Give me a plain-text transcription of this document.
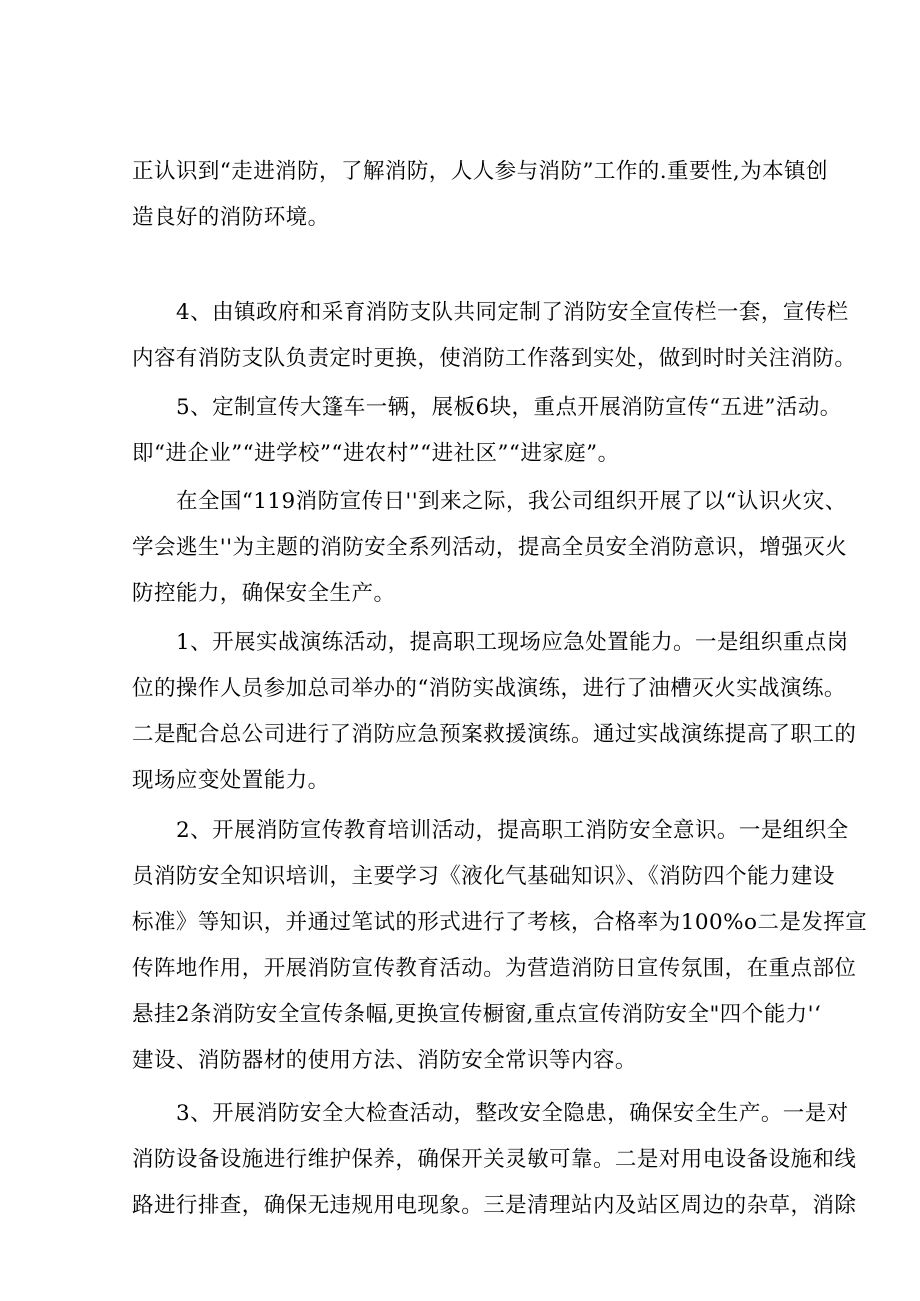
正认识到“走进消防，了解消防，人人参与消防”工作的.重要性,为本镇创
造良好的消防环境。
4、由镇政府和采育消防支队共同定制了消防安全宣传栏一套，宣传栏
内容有消防支队负责定时更换，使消防工作落到实处，做到时时关注消防。
5、定制宣传大篷车一辆，展板6块，重点开展消防宣传“五进”活动。
即“进企业”“进学校”“进农村”“进社区”“进家庭”。
在全国“119消防宣传日''到来之际，我公司组织开展了以“认识火灾、
学会逃生''为主题的消防安全系列活动，提高全员安全消防意识，增强灭火
防控能力，确保安全生产。
1、开展实战演练活动，提高职工现场应急处置能力。一是组织重点岗
位的操作人员参加总司举办的“消防实战演练，进行了油槽灭火实战演练。
二是配合总公司进行了消防应急预案救援演练。通过实战演练提高了职工的
现场应变处置能力。
2、开展消防宣传教育培训活动，提高职工消防安全意识。一是组织全
员消防安全知识培训，主要学习《液化气基础知识》、《消防四个能力建设
标准》等知识，并通过笔试的形式进行了考核，合格率为100%o二是发挥宣
传阵地作用，开展消防宣传教育活动。为营造消防日宣传氛围，在重点部位
悬挂2条消防安全宣传条幅,更换宣传橱窗,重点宣传消防安全"四个能力'‘
建设、消防器材的使用方法、消防安全常识等内容。
3、开展消防安全大检查活动，整改安全隐患，确保安全生产。一是对
消防设备设施进行维护保养，确保开关灵敏可靠。二是对用电设备设施和线
路进行排查，确保无违规用电现象。三是清理站内及站区周边的杂草，消除
